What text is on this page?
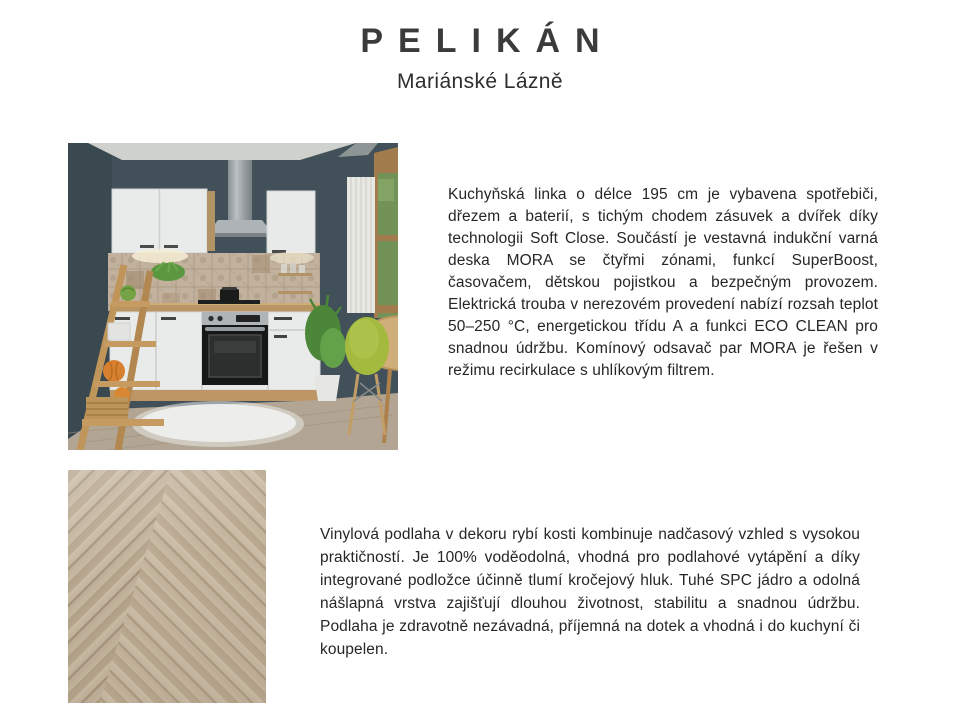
PELIKÁN
Mariánské Lázně
Kuchyňská linka o délce 195 cm je vybavena spotřebiči, dřezem a baterií, s tichým chodem zásuvek a dvířek díky technologii Soft Close. Součástí je vestavná indukční varná deska MORA se čtyřmi zónami, funkcí SuperBoost, časovačem, dětskou pojistkou a bezpečným provozem. Elektrická trouba v nerezovém provedení nabízí rozsah teplot 50–250 °C, energetickou třídu A a funkci ECO CLEAN pro snadnou údržbu. Komínový odsavač par MORA je řešen v režimu recirkulace s uhlíkovým filtrem.
Vinylová podlaha v dekoru rybí kosti kombinuje nadčasový vzhled s vysokou praktičností. Je 100% voděodolná, vhodná pro podlahové vytápění a díky integrované podložce účinně tlumí kročejový hluk. Tuhé SPC jádro a odolná nášlapná vrstva zajišťují dlouhou životnost, stabilitu a snadnou údržbu. Podlaha je zdravotně nezávadná, příjemná na dotek a vhodná i do kuchyní či koupelen.
